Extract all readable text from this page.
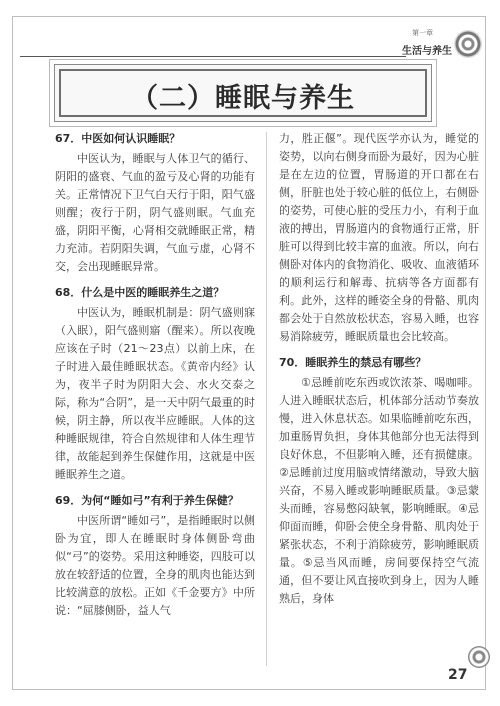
第一章
生活与养生
（二）睡眠与养生
67．中医如何认识睡眠？
中医认为，睡眠与人体卫气的循行、阴阳的盛衰、气血的盈亏及心肾的功能有关。正常情况下卫气白天行于阳，阳气盛则醒；夜行于阴，阴气盛则眠。气血充盛，阴阳平衡，心肾相交就睡眠正常，精力充沛。若阴阳失调，气血亏虚，心肾不交，会出现睡眠异常。
68．什么是中医的睡眠养生之道？
中医认为，睡眠机制是：阴气盛则寐（入眠），阳气盛则寤（醒来）。所以夜晚应该在子时（21～23点）以前上床，在子时进入最佳睡眠状态。《黄帝内经》认为，夜半子时为阴阳大会、水火交泰之际，称为“合阴”，是一天中阴气最重的时候，阴主静，所以夜半应睡眠。人体的这种睡眠规律，符合自然规律和人体生理节律，故能起到养生保健作用，这就是中医睡眠养生之道。
69．为何“睡如弓”有利于养生保健？
中医所谓“睡如弓”，是指睡眠时以侧卧为宜，即人在睡眠时身体侧卧弯曲似“弓”的姿势。采用这种睡姿，四肢可以放在较舒适的位置，全身的肌肉也能达到比较满意的放松。正如《千金要方》中所说：“屈膝侧卧，益人气
力，胜正偃”。现代医学亦认为，睡觉的姿势，以向右侧身而卧为最好，因为心脏是在左边的位置，胃肠道的开口都在右侧，肝脏也处于较心脏的低位上，右侧卧的姿势，可使心脏的受压力小，有利于血液的搏出，胃肠道内的食物通行正常，肝脏可以得到比较丰富的血液。所以，向右侧卧对体内的食物消化、吸收、血液循环的顺利运行和解毒、抗病等各方面都有利。此外，这样的睡姿全身的骨骼、肌肉都会处于自然放松状态，容易入睡，也容易消除疲劳，睡眠质量也会比较高。
70．睡眠养生的禁忌有哪些？
①忌睡前吃东西或饮浓茶、喝咖啡。人进入睡眠状态后，机体部分活动节奏放慢，进入休息状态。如果临睡前吃东西，加重肠胃负担，身体其他部分也无法得到良好休息，不但影响入睡，还有损健康。②忌睡前过度用脑或情绪激动，导致大脑兴奋，不易入睡或影响睡眠质量。③忌蒙头而睡，容易憋闷缺氧，影响睡眠。④忌仰面而睡，仰卧会使全身骨骼、肌肉处于紧张状态，不利于消除疲劳，影响睡眠质量。⑤忌当风而睡，房间要保持空气流通，但不要让风直接吹到身上，因为人睡熟后，身体
27
